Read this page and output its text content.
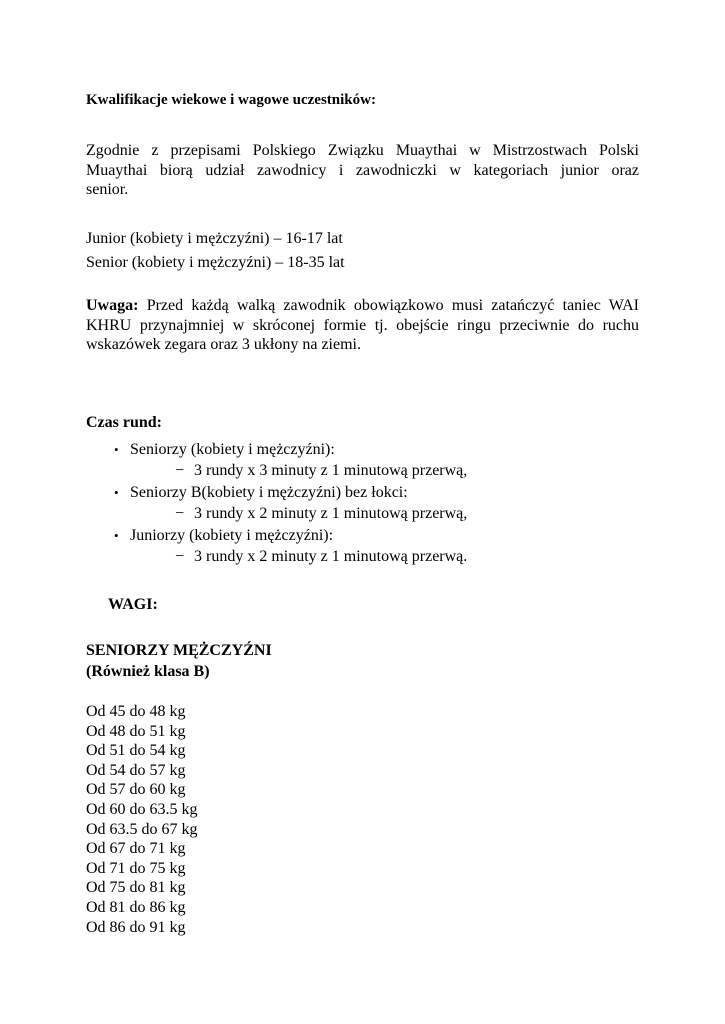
Kwalifikacje wiekowe i wagowe uczestników:
Zgodnie z przepisami Polskiego Związku Muaythai w Mistrzostwach Polski
Muaythai biorą udział zawodnicy i zawodniczki w kategoriach junior oraz
senior.
Junior (kobiety i mężczyźni) – 16-17 lat
Senior (kobiety i mężczyźni) – 18-35 lat
Uwaga: Przed każdą walką zawodnik obowiązkowo musi zatańczyć taniec WAI
KHRU przynajmniej w skróconej formie tj. obejście ringu przeciwnie do ruchu
wskazówek zegara oraz 3 ukłony na ziemi.
Czas rund:
• Seniorzy (kobiety i mężczyźni):
− 3 rundy x 3 minuty z 1 minutową przerwą,
• Seniorzy B(kobiety i mężczyźni) bez łokci:
− 3 rundy x 2 minuty z 1 minutową przerwą,
• Juniorzy (kobiety i mężczyźni):
− 3 rundy x 2 minuty z 1 minutową przerwą.
WAGI:
SENIORZY MĘŻCZYŹNI
(Również klasa B)
Od 45 do 48 kg
Od 48 do 51 kg
Od 51 do 54 kg
Od 54 do 57 kg
Od 57 do 60 kg
Od 60 do 63.5 kg
Od 63.5 do 67 kg
Od 67 do 71 kg
Od 71 do 75 kg
Od 75 do 81 kg
Od 81 do 86 kg
Od 86 do 91 kg
